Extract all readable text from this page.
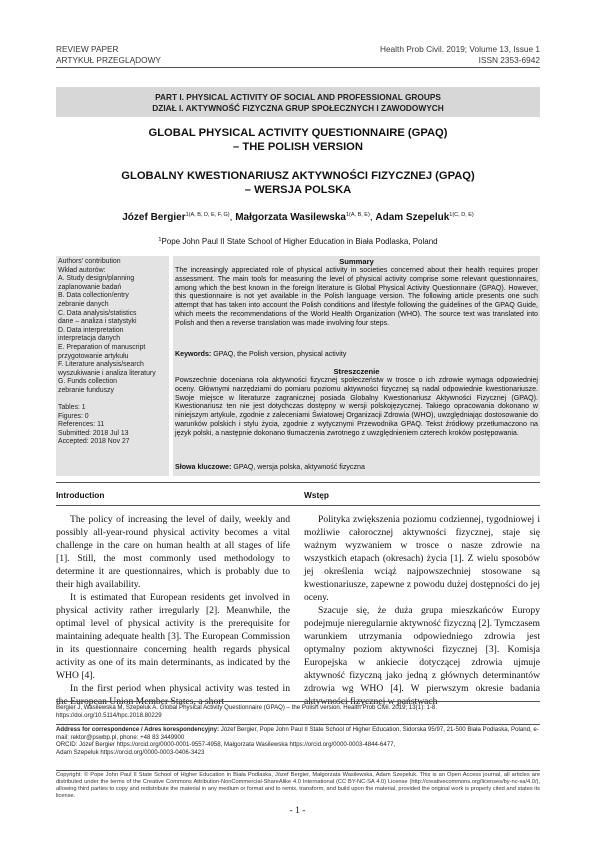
REVIEW PAPER
ARTYKUŁ PRZEGLĄDOWY
Health Prob Civil. 2019; Volume 13, Issue 1
ISSN 2353-6942
PART I. PHYSICAL ACTIVITY OF SOCIAL AND PROFESSIONAL GROUPS
DZIAŁ I. AKTYWNOŚĆ FIZYCZNA GRUP SPOŁECZNYCH I ZAWODOWYCH
GLOBAL PHYSICAL ACTIVITY QUESTIONNAIRE (GPAQ)
– THE POLISH VERSION
GLOBALNY KWESTIONARIUSZ AKTYWNOŚCI FIZYCZNEJ (GPAQ)
– WERSJA POLSKA
Józef Bergier$^{1(A, B, D, E, F, G)}$, Małgorzata Wasilewska$^{1(A, B, E)}$, Adam Szepeluk$^{1(C, D, E)}$
$^1$Pope John Paul II State School of Higher Education in Biała Podlaska, Poland
Authors' contribution
Wkład autorów:
A. Study design/planning
zaplanowanie badań
B. Data collection/entry
zebranie danych
C. Data analysis/statistics
dane – analiza i statystyki
D. Data interpretation
interpretacja danych
E. Preparation of manuscript
przygotowanie artykułu
F. Literature analysis/search
wyszukiwanie i analiza literatury
G. Funds collection
zebranie funduszy
Tables: 1
Figures: 0
References: 11
Submitted: 2018 Jul 13
Accepted: 2018 Nov 27
Summary
The increasingly appreciated role of physical activity in societies concerned about their health requires proper assessment. The main tools for measuring the level of physical activity comprise some relevant questionnaires, among which the best known in the foreign literature is Global Physical Activity Questionnaire (GPAQ). However, this questionnaire is not yet available in the Polish language version. The following article presents one such attempt that has taken into account the Polish conditions and lifestyle following the guidelines of the GPAQ Guide, which meets the recommendations of the World Health Organization (WHO). The source text was translated into Polish and then a reverse translation was made involving four steps.
Keywords: GPAQ, the Polish version, physical activity
Streszczenie
Powszechnie doceniana rola aktywności fizycznej społeczeństw w trosce o ich zdrowie wymaga odpowiedniej oceny. Głównymi narzędziami do pomiaru poziomu aktywności fizycznej są nadal odpowiednie kwestionariusze. Swoje miejsce w literaturze zagranicznej posiada Globalny Kwestionariusz Aktywności Fizycznej (GPAQ). Kwestionariusz ten nie jest dotychczas dostępny w wersji polskojęzycznej. Takiego opracowania dokonano w niniejszym artykule, zgodnie z zaleceniami Światowej Organizacji Zdrowia (WHO), uwzględniając dostosowanie do warunków polskich i stylu życia, zgodnie z wytycznymi Przewodnika GPAQ. Tekst źródłowy przetłumaczono na język polski, a następnie dokonano tłumaczenia zwrotnego z uwzględnieniem czterech kroków postępowania.
Słowa kluczowe: GPAQ, wersja polska, aktywność fizyczna
Introduction	Wstęp

The policy of increasing the level of daily, weekly and possibly all-year-round physical activity becomes a vital challenge in the care on human health at all stages of life [1]. Still, the most commonly used methodology to determine it are questionnaires, which is probably due to their high availability.

It is estimated that European residents get involved in physical activity rather irregularly [2]. Meanwhile, the optimal level of physical activity is the prerequisite for maintaining adequate health [3]. The European Commission in its questionnaire concerning health regards physical activity as one of its main determinants, as indicated by the WHO [4].

In the first period when physical activity was tested in the European Union Member States, a short

Polityka zwiększenia poziomu codziennej, tygodniowej i możliwie całorocznej aktywności fizycznej, staje się ważnym wyzwaniem w trosce o nasze zdrowie na wszystkich etapach (okresach) życia [1]. Z wielu sposobów jej określenia wciąż najpowszechniej stosowane są kwestionariusze, zapewne z powodu dużej dostępności do jej oceny.

Szacuje się, że duża grupa mieszkańców Europy podejmuje nieregularnie aktywność fizyczną [2]. Tymczasem warunkiem utrzymania odpowiedniego zdrowia jest optymalny poziom aktywności fizycznej [3]. Komisja Europejska w ankiecie dotyczącej zdrowia ujmuje aktywność fizyczną jako jedną z głównych determinantów zdrowia wg WHO [4]. W pierwszym okresie badania aktywności fizycznej w państwach

Bergier J, Wasilewska M, Szepeluk A. Global Physical Activity Questionnaire (GPAQ) – the Polish version. Health Prob Civil. 2019; 13(1): 1-8.
https://doi.org/10.5114/hpc.2018.80229
Address for correspondence / Adres korespondencyjny: Józef Bergier, Pope John Paul II State School of Higher Education, Sidorska 95/97, 21-500 Biała Podlaska, Poland, e-mail: rektor@pswbp.pl, phone: +48 83 3449900
ORCID: Józef Bergier https://orcid.org/0000-0001-9557-4958, Małgorzata Wasilewska https://orcid.org/0000-0003-4844-6477,
Adam Szepeluk https://orcid.org/0000-0003-0406-3423
Copyright: © Pope John Paul II State School of Higher Education in Biała Podlaska, Józef Bergier, Małgorzata Wasilewska, Adam Szepeluk. This is an Open Access journal, all articles are distributed under the terms of the Creative Commons Attribution-NonCommercial-ShareAlike 4.0 International (CC BY-NC-SA 4.0) License (http://creativecommons.org/licenses/by-nc-sa/4.0/), allowing third parties to copy and redistribute the material in any medium or format and to remix, transform, and build upon the material, provided the original work is properly cited and states its license.
- 1 -
